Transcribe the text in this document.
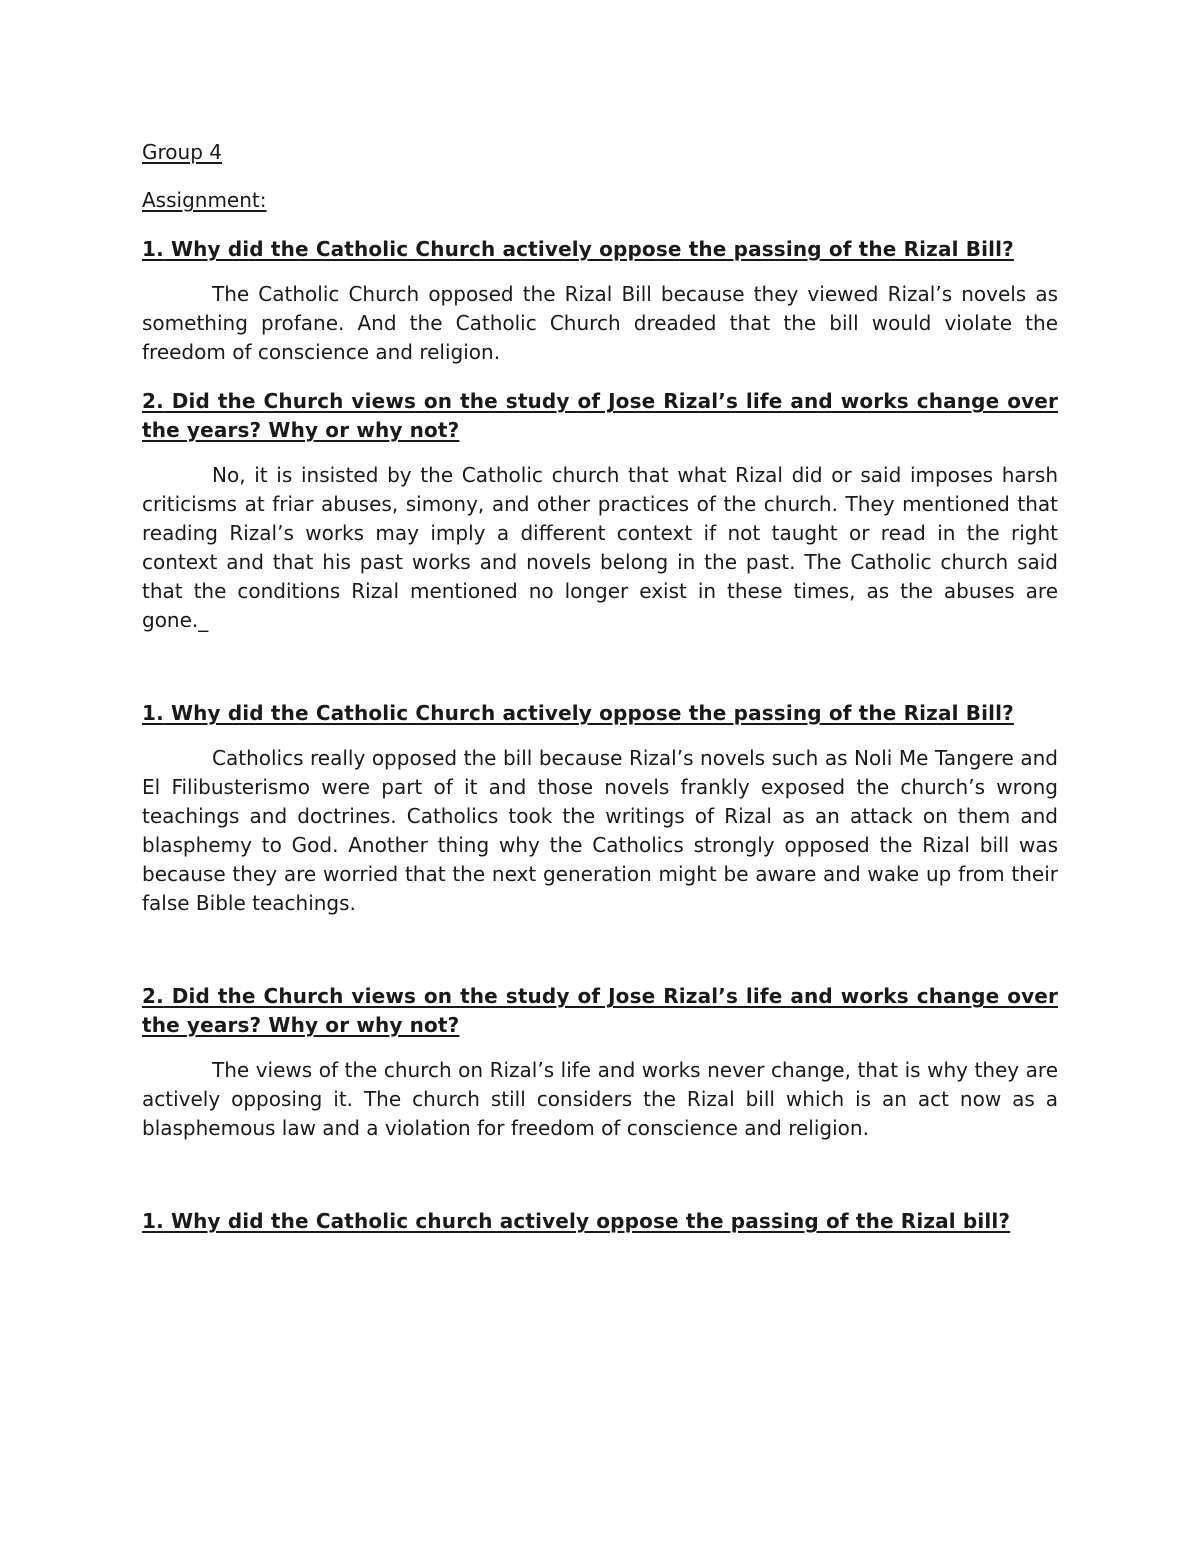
Group 4

Assignment:

1. Why did the Catholic Church actively oppose the passing of the Rizal Bill?

The Catholic Church opposed the Rizal Bill because they viewed Rizal’s novels as something profane. And the Catholic Church dreaded that the bill would violate the freedom of conscience and religion.

2. Did the Church views on the study of Jose Rizal’s life and works change over the years? Why or why not?

No, it is insisted by the Catholic church that what Rizal did or said imposes harsh criticisms at friar abuses, simony, and other practices of the church. They mentioned that reading Rizal’s works may imply a different context if not taught or read in the right context and that his past works and novels belong in the past. The Catholic church said that the conditions Rizal mentioned no longer exist in these times, as the abuses are gone._

1. Why did the Catholic Church actively oppose the passing of the Rizal Bill?

Catholics really opposed the bill because Rizal’s novels such as Noli Me Tangere and El Filibusterismo were part of it and those novels frankly exposed the church’s wrong teachings and doctrines. Catholics took the writings of Rizal as an attack on them and blasphemy to God. Another thing why the Catholics strongly opposed the Rizal bill was because they are worried that the next generation might be aware and wake up from their false Bible teachings.

2. Did the Church views on the study of Jose Rizal’s life and works change over the years? Why or why not?

The views of the church on Rizal’s life and works never change, that is why they are actively opposing it. The church still considers the Rizal bill which is an act now as a blasphemous law and a violation for freedom of conscience and religion.

1. Why did the Catholic church actively oppose the passing of the Rizal bill?
